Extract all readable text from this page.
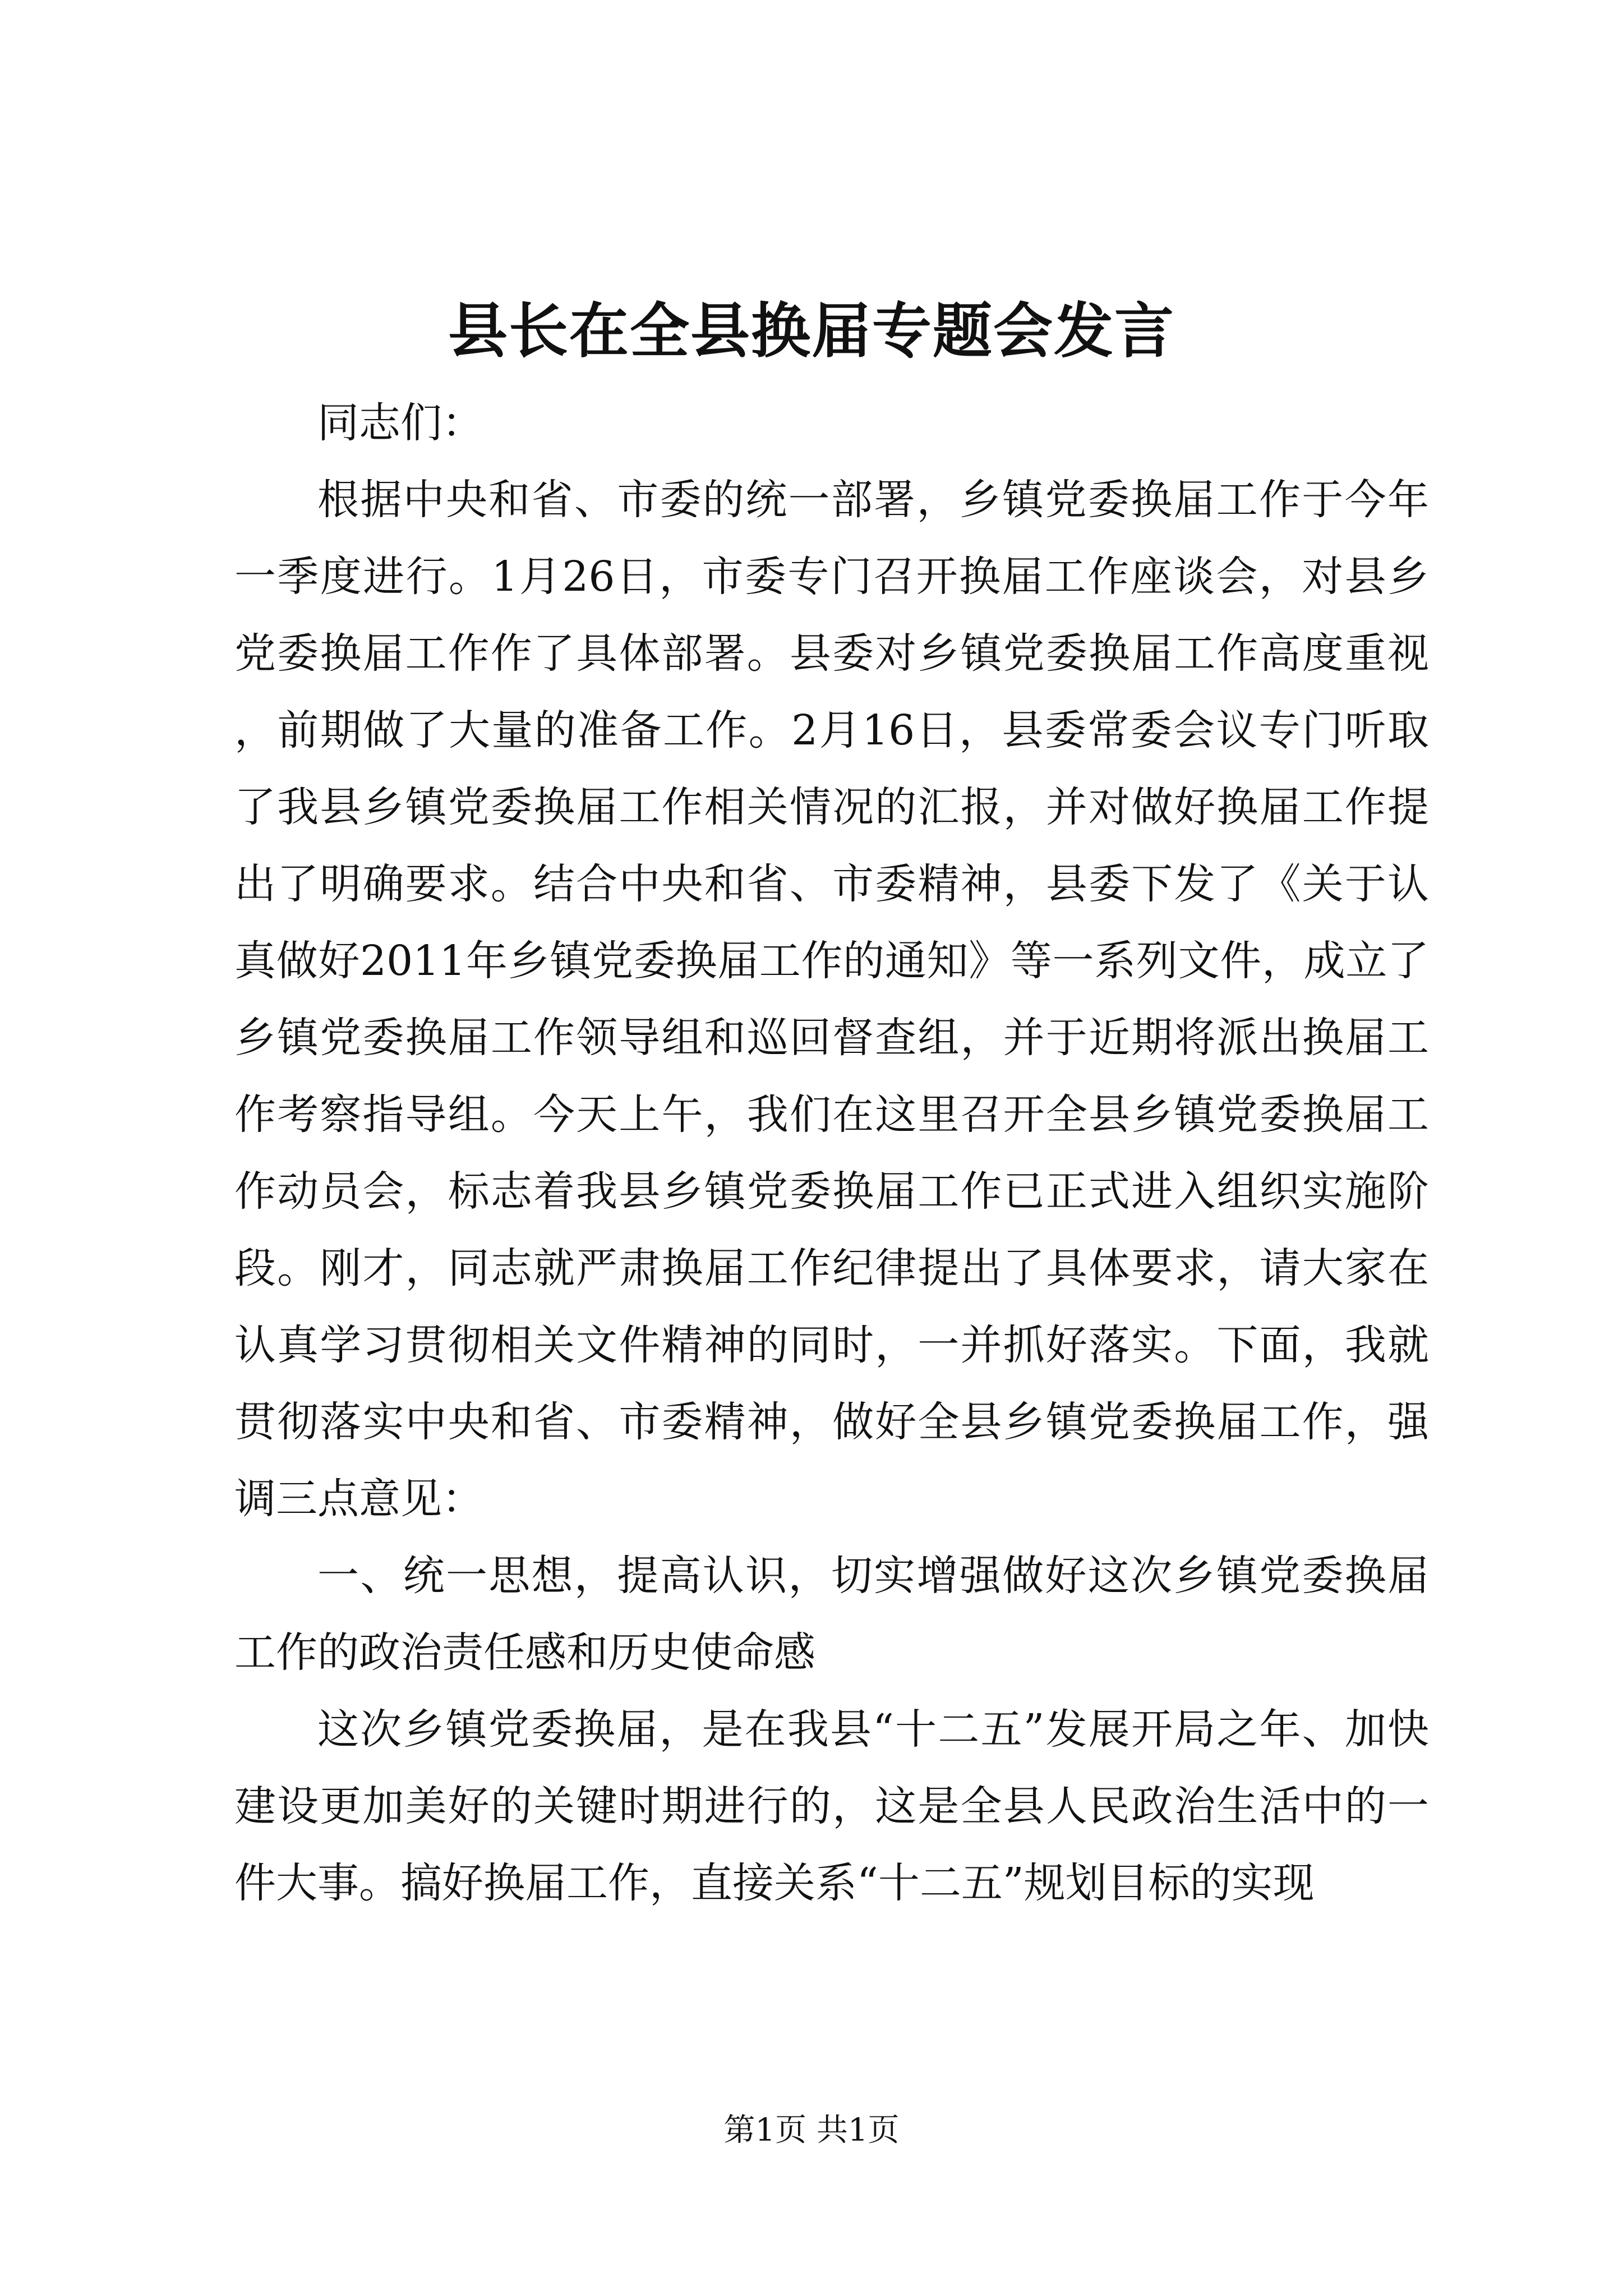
县长在全县换届专题会发言

同志们：

根据中央和省、市委的统一部署，乡镇党委换届工作于今年一季度进行。1月26日，市委专门召开换届工作座谈会，对县乡党委换届工作作了具体部署。县委对乡镇党委换届工作高度重视，前期做了大量的准备工作。2月16日，县委常委会议专门听取了我县乡镇党委换届工作相关情况的汇报，并对做好换届工作提出了明确要求。结合中央和省、市委精神，县委下发了《关于认真做好2011年乡镇党委换届工作的通知》等一系列文件，成立了乡镇党委换届工作领导组和巡回督查组，并于近期将派出换届工作考察指导组。今天上午，我们在这里召开全县乡镇党委换届工作动员会，标志着我县乡镇党委换届工作已正式进入组织实施阶段。刚才，同志就严肃换届工作纪律提出了具体要求，请大家在认真学习贯彻相关文件精神的同时，一并抓好落实。下面，我就贯彻落实中央和省、市委精神，做好全县乡镇党委换届工作，强调三点意见：

一、统一思想，提高认识，切实增强做好这次乡镇党委换届工作的政治责任感和历史使命感

这次乡镇党委换届，是在我县“十二五”发展开局之年、加快建设更加美好的关键时期进行的，这是全县人民政治生活中的一件大事。搞好换届工作，直接关系“十二五”规划目标的实现

第1页 共1页
